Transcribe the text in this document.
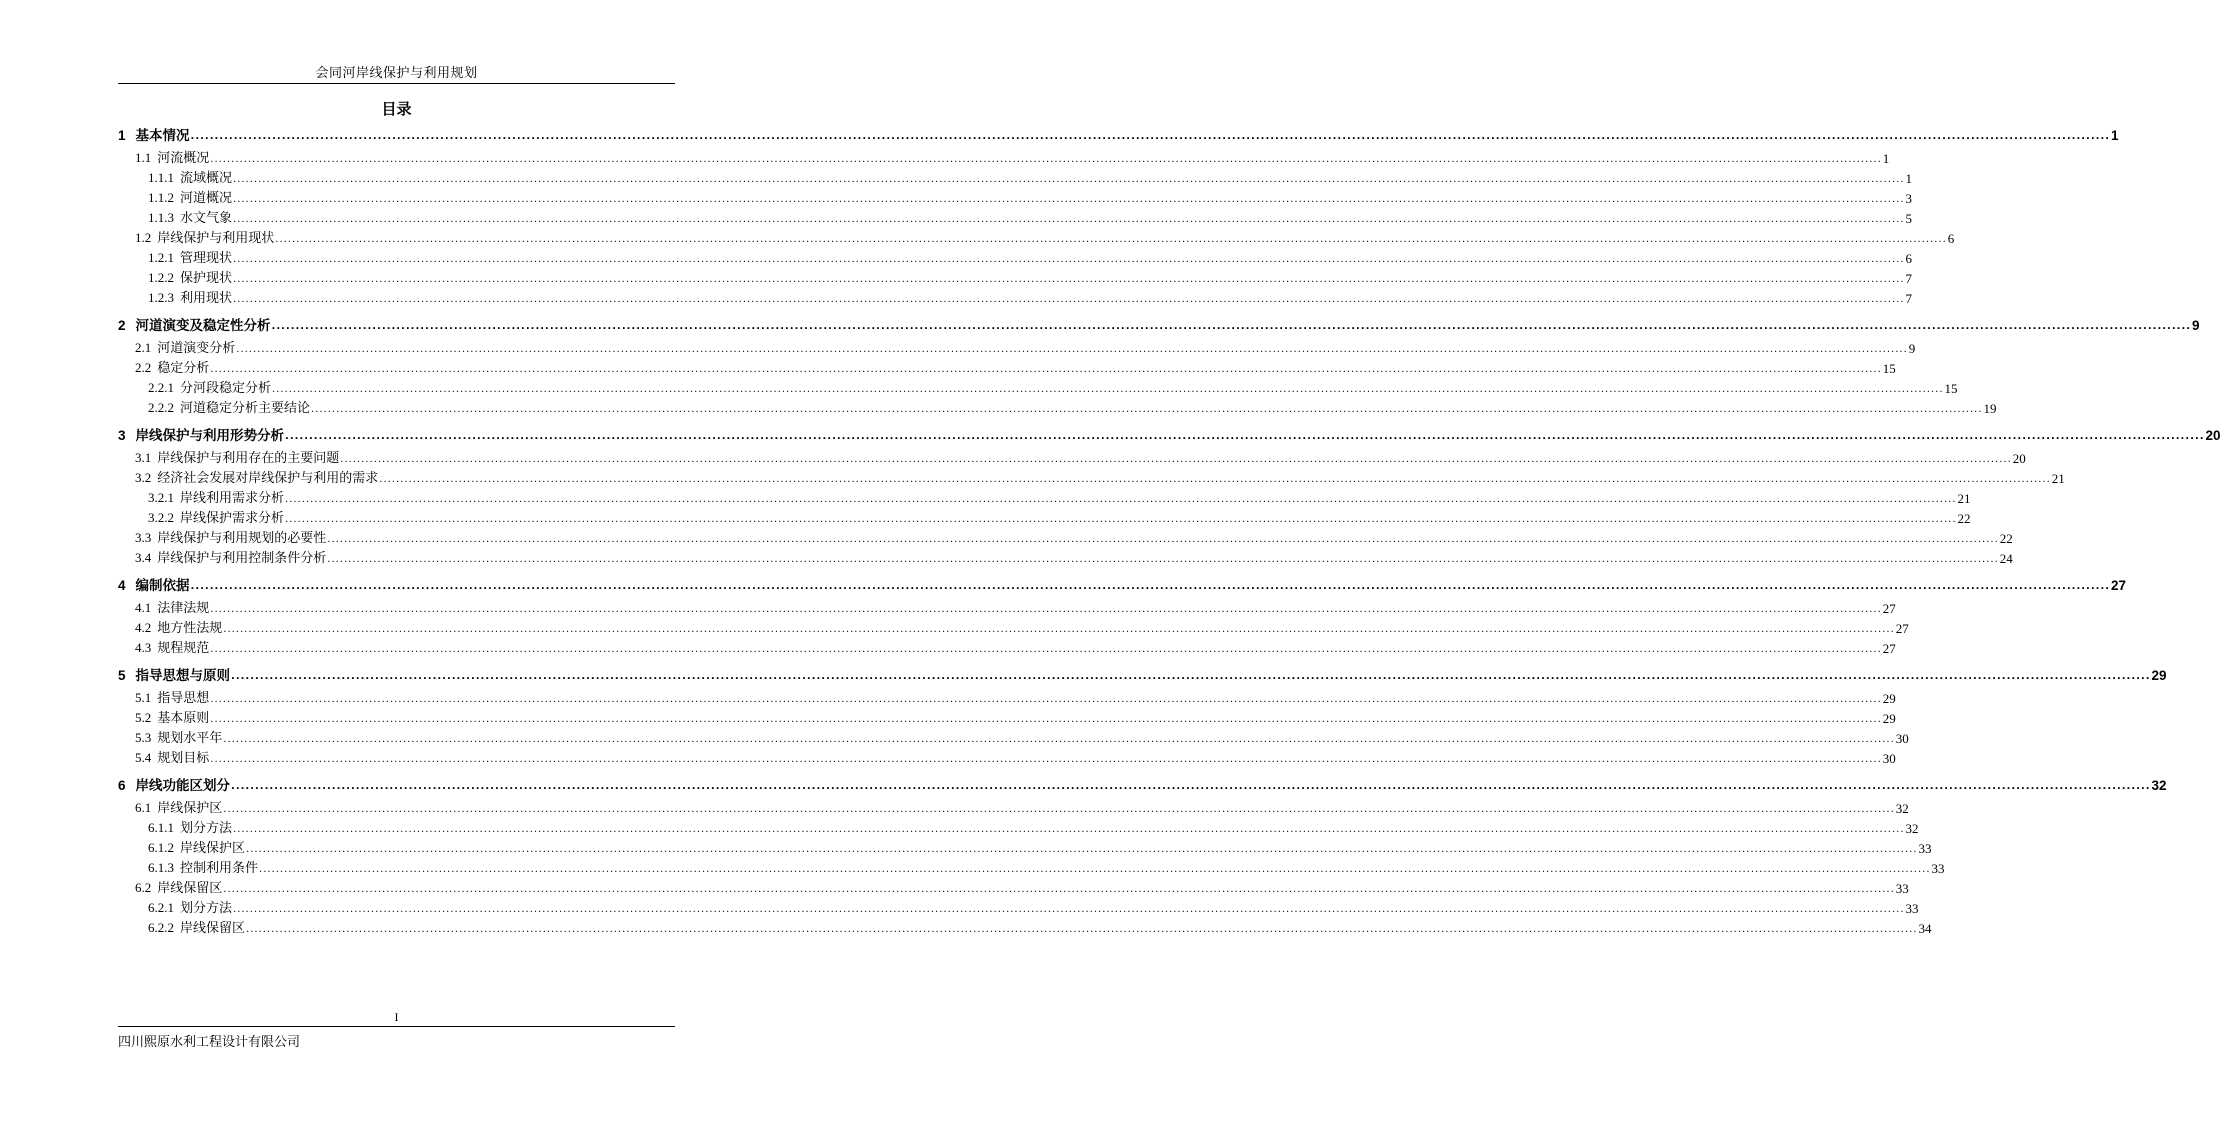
会同河岸线保护与利用规划
目录
1 基本情况 ................................................................................................................................................................................................................................................................................................................................................................................................................ 1
1.1 河流概况 ................................................................................................................................................................................................................................................................................................................................................................................................................ 1
1.1.1 流域概况 ................................................................................................................................................................................................................................................................................................................................................................................................................ 1
1.1.2 河道概况 ................................................................................................................................................................................................................................................................................................................................................................................................................ 3
1.1.3 水文气象 ................................................................................................................................................................................................................................................................................................................................................................................................................ 5
1.2 岸线保护与利用现状 ................................................................................................................................................................................................................................................................................................................................................................................................................ 6
1.2.1 管理现状 ................................................................................................................................................................................................................................................................................................................................................................................................................ 6
1.2.2 保护现状 ................................................................................................................................................................................................................................................................................................................................................................................................................ 7
1.2.3 利用现状 ................................................................................................................................................................................................................................................................................................................................................................................................................ 7
2 河道演变及稳定性分析 ................................................................................................................................................................................................................................................................................................................................................................................................................ 9
2.1 河道演变分析 ................................................................................................................................................................................................................................................................................................................................................................................................................ 9
2.2 稳定分析 ................................................................................................................................................................................................................................................................................................................................................................................................................ 15
2.2.1 分河段稳定分析 ................................................................................................................................................................................................................................................................................................................................................................................................................ 15
2.2.2 河道稳定分析主要结论 ................................................................................................................................................................................................................................................................................................................................................................................................................ 19
3 岸线保护与利用形势分析 ................................................................................................................................................................................................................................................................................................................................................................................................................ 20
3.1 岸线保护与利用存在的主要问题 ................................................................................................................................................................................................................................................................................................................................................................................................................ 20
3.2 经济社会发展对岸线保护与利用的需求 ................................................................................................................................................................................................................................................................................................................................................................................................................ 21
3.2.1 岸线利用需求分析 ................................................................................................................................................................................................................................................................................................................................................................................................................ 21
3.2.2 岸线保护需求分析 ................................................................................................................................................................................................................................................................................................................................................................................................................ 22
3.3 岸线保护与利用规划的必要性 ................................................................................................................................................................................................................................................................................................................................................................................................................ 22
3.4 岸线保护与利用控制条件分析 ................................................................................................................................................................................................................................................................................................................................................................................................................ 24
4 编制依据 ................................................................................................................................................................................................................................................................................................................................................................................................................ 27
4.1 法律法规 ................................................................................................................................................................................................................................................................................................................................................................................................................ 27
4.2 地方性法规 ................................................................................................................................................................................................................................................................................................................................................................................................................ 27
4.3 规程规范 ................................................................................................................................................................................................................................................................................................................................................................................................................ 27
5 指导思想与原则 ................................................................................................................................................................................................................................................................................................................................................................................................................ 29
5.1 指导思想 ................................................................................................................................................................................................................................................................................................................................................................................................................ 29
5.2 基本原则 ................................................................................................................................................................................................................................................................................................................................................................................................................ 29
5.3 规划水平年 ................................................................................................................................................................................................................................................................................................................................................................................................................ 30
5.4 规划目标 ................................................................................................................................................................................................................................................................................................................................................................................................................ 30
6 岸线功能区划分 ................................................................................................................................................................................................................................................................................................................................................................................................................ 32
6.1 岸线保护区 ................................................................................................................................................................................................................................................................................................................................................................................................................ 32
6.1.1 划分方法 ................................................................................................................................................................................................................................................................................................................................................................................................................ 32
6.1.2 岸线保护区 ................................................................................................................................................................................................................................................................................................................................................................................................................ 33
6.1.3 控制利用条件 ................................................................................................................................................................................................................................................................................................................................................................................................................ 33
6.2 岸线保留区 ................................................................................................................................................................................................................................................................................................................................................................................................................ 33
6.2.1 划分方法 ................................................................................................................................................................................................................................................................................................................................................................................................................ 33
6.2.2 岸线保留区 ................................................................................................................................................................................................................................................................................................................................................................................................................ 34
I
四川熙原水利工程设计有限公司
